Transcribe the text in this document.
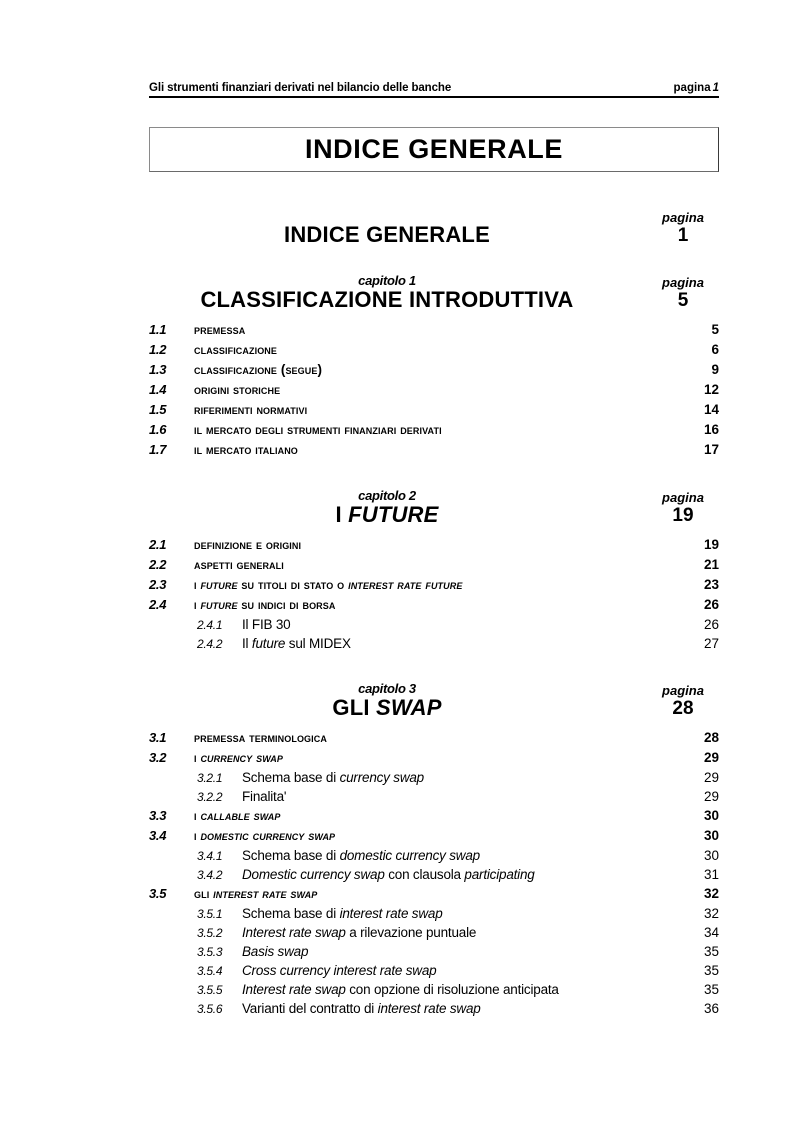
Gli strumenti finanziari derivati nel bilancio delle banche	pagina 1
INDICE GENERALE
INDICE GENERALE
pagina
1
capitolo 1
CLASSIFICAZIONE INTRODUTTIVA
pagina
5
1.1	premessa	5
1.2	classificazione	6
1.3	classificazione (segue)	9
1.4	origini storiche	12
1.5	riferimenti normativi	14
1.6	il mercato degli strumenti finanziari derivati	16
1.7	il mercato italiano	17
capitolo 2
I FUTURE
pagina
19
2.1	definizione e origini	19
2.2	aspetti generali	21
2.3	i future su titoli di stato o interest rate future	23
2.4	i future su indici di borsa	26
2.4.1	Il FIB 30	26
2.4.2	Il future sul MIDEX	27
capitolo 3
GLI SWAP
pagina
28
3.1	premessa terminologica	28
3.2	i currency swap	29
3.2.1	Schema base di currency swap	29
3.2.2	Finalita'	29
3.3	i callable swap	30
3.4	i domestic currency swap	30
3.4.1	Schema base di domestic currency swap	30
3.4.2	Domestic currency swap con clausola participating	31
3.5	gli interest rate swap	32
3.5.1	Schema base di interest rate swap	32
3.5.2	Interest rate swap a rilevazione puntuale	34
3.5.3	Basis swap	35
3.5.4	Cross currency interest rate swap	35
3.5.5	Interest rate swap con opzione di risoluzione anticipata	35
3.5.6	Varianti del contratto di interest rate swap	36
